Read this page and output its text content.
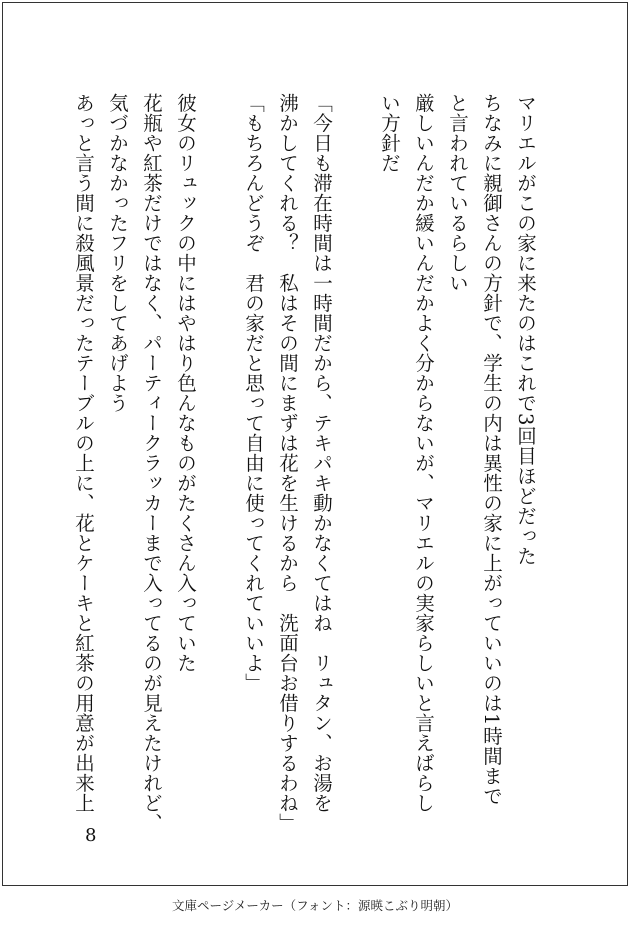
マリエルがこの家に来たのはこれで3回目ほどだった
ちなみに親御さんの方針で、学生の内は異性の家に上がっていいのは1時間まで
と言われているらしい
厳しいんだか緩いんだかよく分からないが、マリエルの実家らしいと言えばらし
い方針だ
「今日も滞在時間は一時間だから、テキパキ動かなくてはね　リュタン、お湯を
沸かしてくれる？　私はその間にまずは花を生けるから　洗面台お借りするわね」
「もちろんどうぞ　君の家だと思って自由に使ってくれていいよ」
彼女のリュックの中にはやはり色んなものがたくさん入っていた
花瓶や紅茶だけではなく、パーティークラッカーまで入ってるのが見えたけれど、
気づかなかったフリをしてあげよう
あっと言う間に殺風景だったテーブルの上に、花とケーキと紅茶の用意が出来上
8
文庫ページメーカー（フォント：源暎こぶり明朝）
